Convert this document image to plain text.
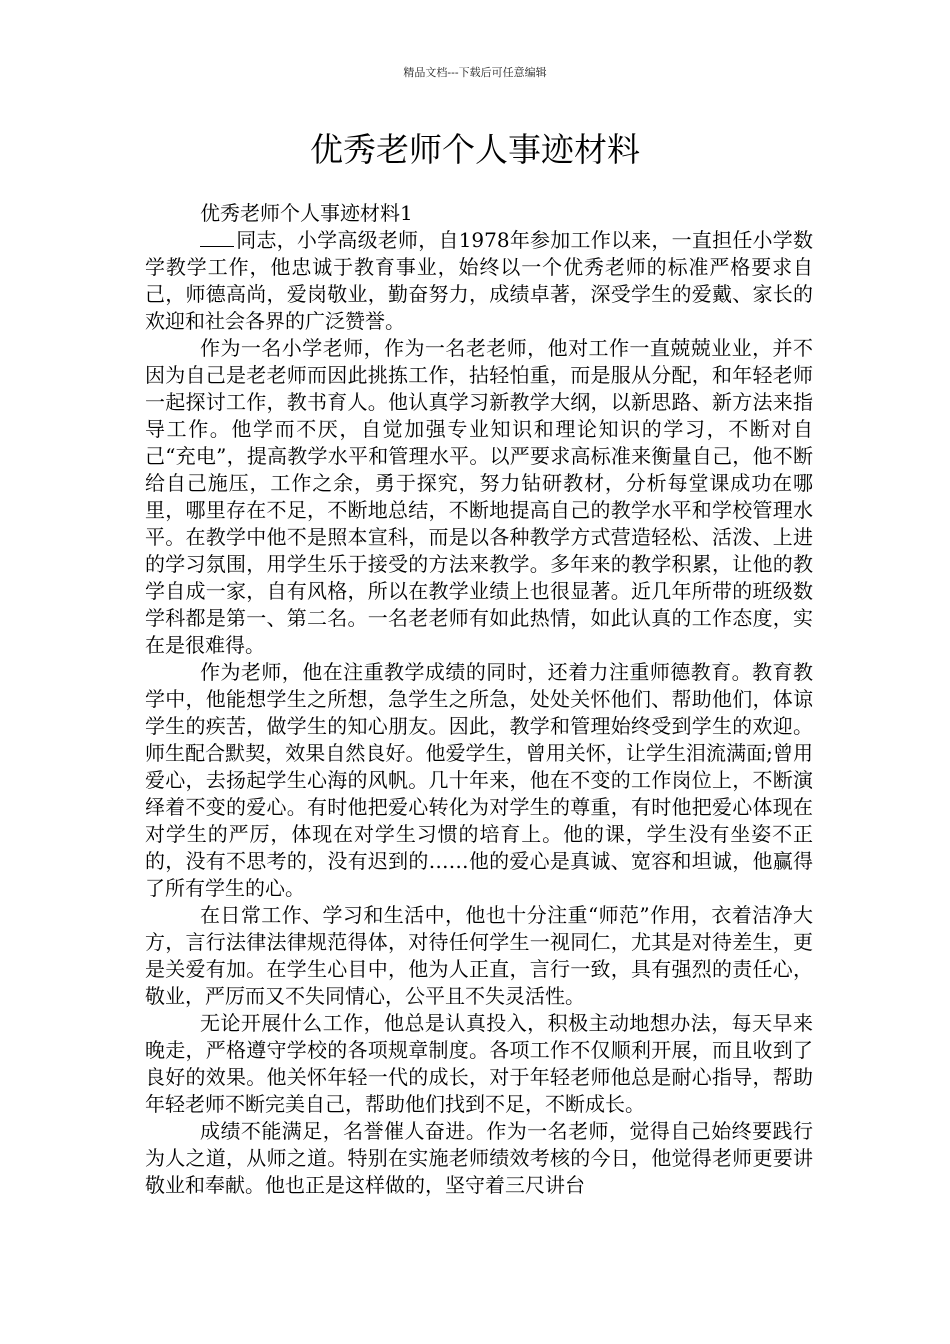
精品文档---下载后可任意编辑
优秀老师个人事迹材料

优秀老师个人事迹材料1

同志，小学高级老师，自1978年参加工作以来，一直担任小学数学教学工作，他忠诚于教育事业，始终以一个优秀老师的标准严格要求自己，师德高尚，爱岗敬业，勤奋努力，成绩卓著，深受学生的爱戴、家长的欢迎和社会各界的广泛赞誉。

作为一名小学老师，作为一名老老师，他对工作一直兢兢业业，并不因为自己是老老师而因此挑拣工作，拈轻怕重，而是服从分配，和年轻老师一起探讨工作，教书育人。他认真学习新教学大纲，以新思路、新方法来指导工作。他学而不厌，自觉加强专业知识和理论知识的学习，不断对自己“充电”，提高教学水平和管理水平。以严要求高标准来衡量自己，他不断给自己施压，工作之余，勇于探究，努力钻研教材，分析每堂课成功在哪里，哪里存在不足，不断地总结，不断地提高自己的教学水平和学校管理水平。在教学中他不是照本宣科，而是以各种教学方式营造轻松、活泼、上进的学习氛围，用学生乐于接受的方法来教学。多年来的教学积累，让他的教学自成一家，自有风格，所以在教学业绩上也很显著。近几年所带的班级数学科都是第一、第二名。一名老老师有如此热情，如此认真的工作态度，实在是很难得。

作为老师，他在注重教学成绩的同时，还着力注重师德教育。教育教学中，他能想学生之所想，急学生之所急，处处关怀他们、帮助他们，体谅学生的疾苦，做学生的知心朋友。因此，教学和管理始终受到学生的欢迎。师生配合默契，效果自然良好。他爱学生，曾用关怀，让学生泪流满面;曾用爱心，去扬起学生心海的风帆。几十年来，他在不变的工作岗位上，不断演绎着不变的爱心。有时他把爱心转化为对学生的尊重，有时他把爱心体现在对学生的严厉，体现在对学生习惯的培育上。他的课，学生没有坐姿不正的，没有不思考的，没有迟到的……他的爱心是真诚、宽容和坦诚，他赢得了所有学生的心。

在日常工作、学习和生活中，他也十分注重“师范”作用，衣着洁净大方，言行法律法律规范得体，对待任何学生一视同仁，尤其是对待差生，更是关爱有加。在学生心目中，他为人正直，言行一致，具有强烈的责任心，敬业，严厉而又不失同情心，公平且不失灵活性。

无论开展什么工作，他总是认真投入，积极主动地想办法，每天早来晚走，严格遵守学校的各项规章制度。各项工作不仅顺利开展，而且收到了良好的效果。他关怀年轻一代的成长，对于年轻老师他总是耐心指导，帮助年轻老师不断完美自己，帮助他们找到不足，不断成长。

成绩不能满足，名誉催人奋进。作为一名老师，觉得自己始终要践行为人之道，从师之道。特别在实施老师绩效考核的今日，他觉得老师更要讲敬业和奉献。他也正是这样做的，坚守着三尺讲台
